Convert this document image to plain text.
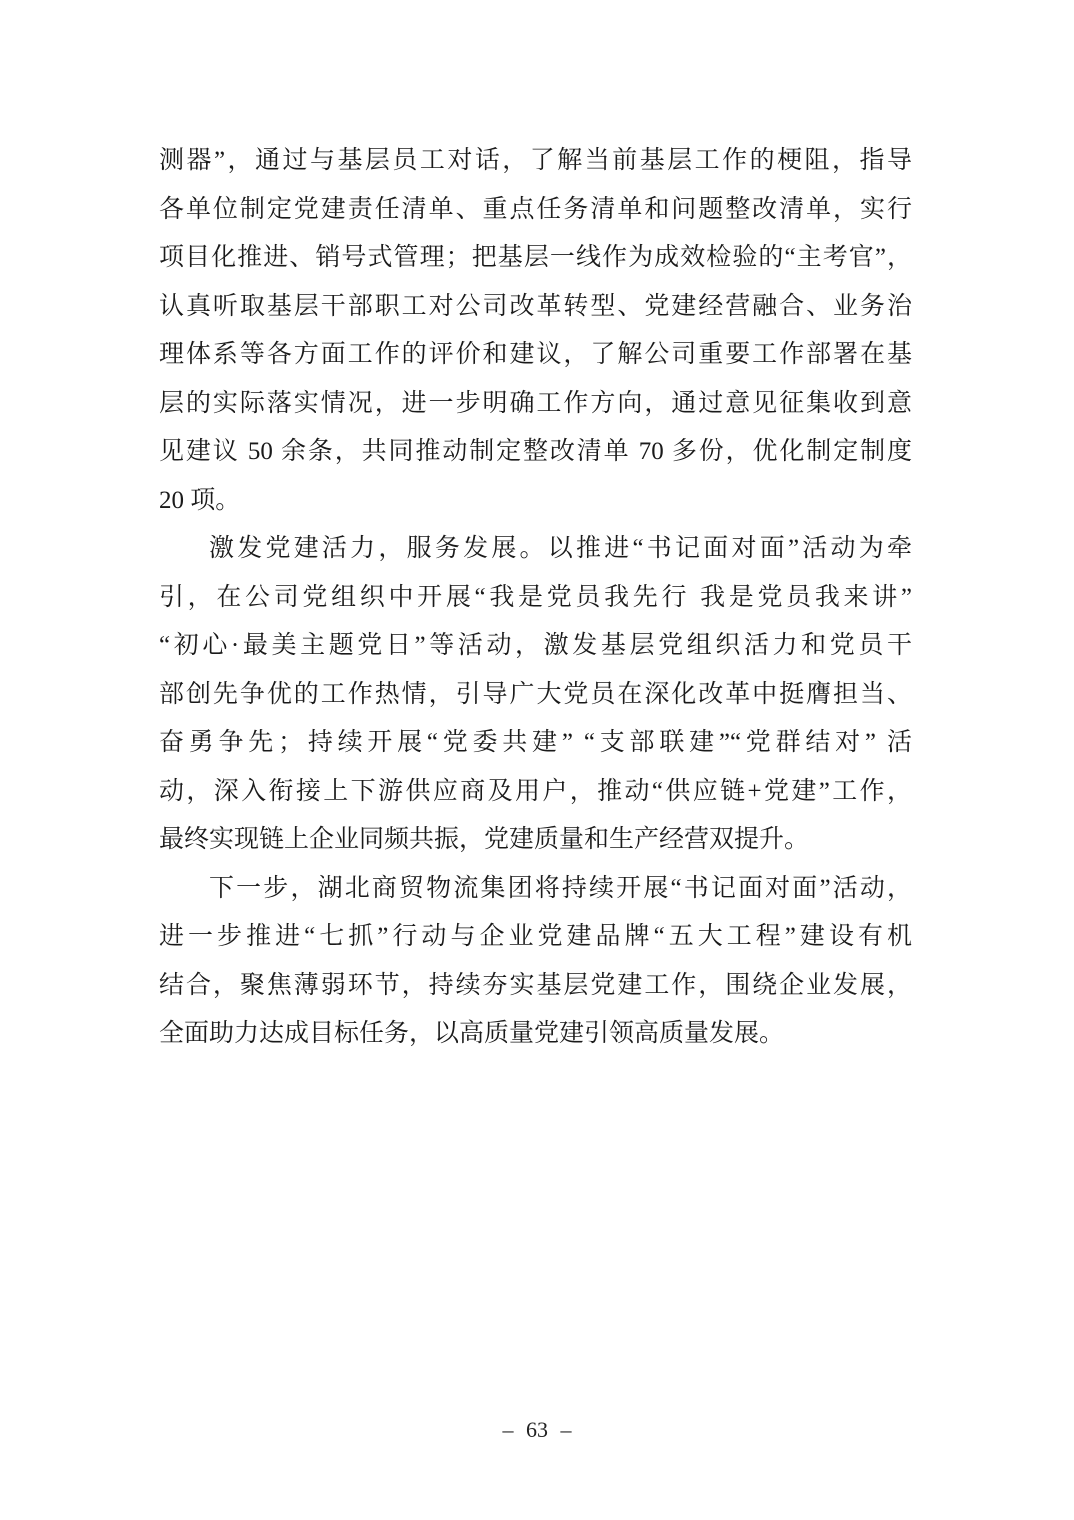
测器”，通过与基层员工对话，了解当前基层工作的梗阻，指导
各单位制定党建责任清单、重点任务清单和问题整改清单，实行
项目化推进、销号式管理；把基层一线作为成效检验的“主考官”，
认真听取基层干部职工对公司改革转型、党建经营融合、业务治
理体系等各方面工作的评价和建议，了解公司重要工作部署在基
层的实际落实情况，进一步明确工作方向，通过意见征集收到意
见建议 50 余条，共同推动制定整改清单 70 多份，优化制定制度
20 项。
激发党建活力，服务发展。以推进“书记面对面”活动为牵
引，在公司党组织中开展“我是党员我先行 我是党员我来讲”
“初心·最美主题党日”等活动，激发基层党组织活力和党员干
部创先争优的工作热情，引导广大党员在深化改革中挺膺担当、
奋勇争先；持续开展“党委共建” “支部联建”“党群结对” 活
动，深入衔接上下游供应商及用户，推动“供应链+党建”工作，
最终实现链上企业同频共振，党建质量和生产经营双提升。
下一步，湖北商贸物流集团将持续开展“书记面对面”活动，
进一步推进“七抓”行动与企业党建品牌“五大工程”建设有机
结合，聚焦薄弱环节，持续夯实基层党建工作，围绕企业发展，
全面助力达成目标任务，以高质量党建引领高质量发展。
– 63 –
